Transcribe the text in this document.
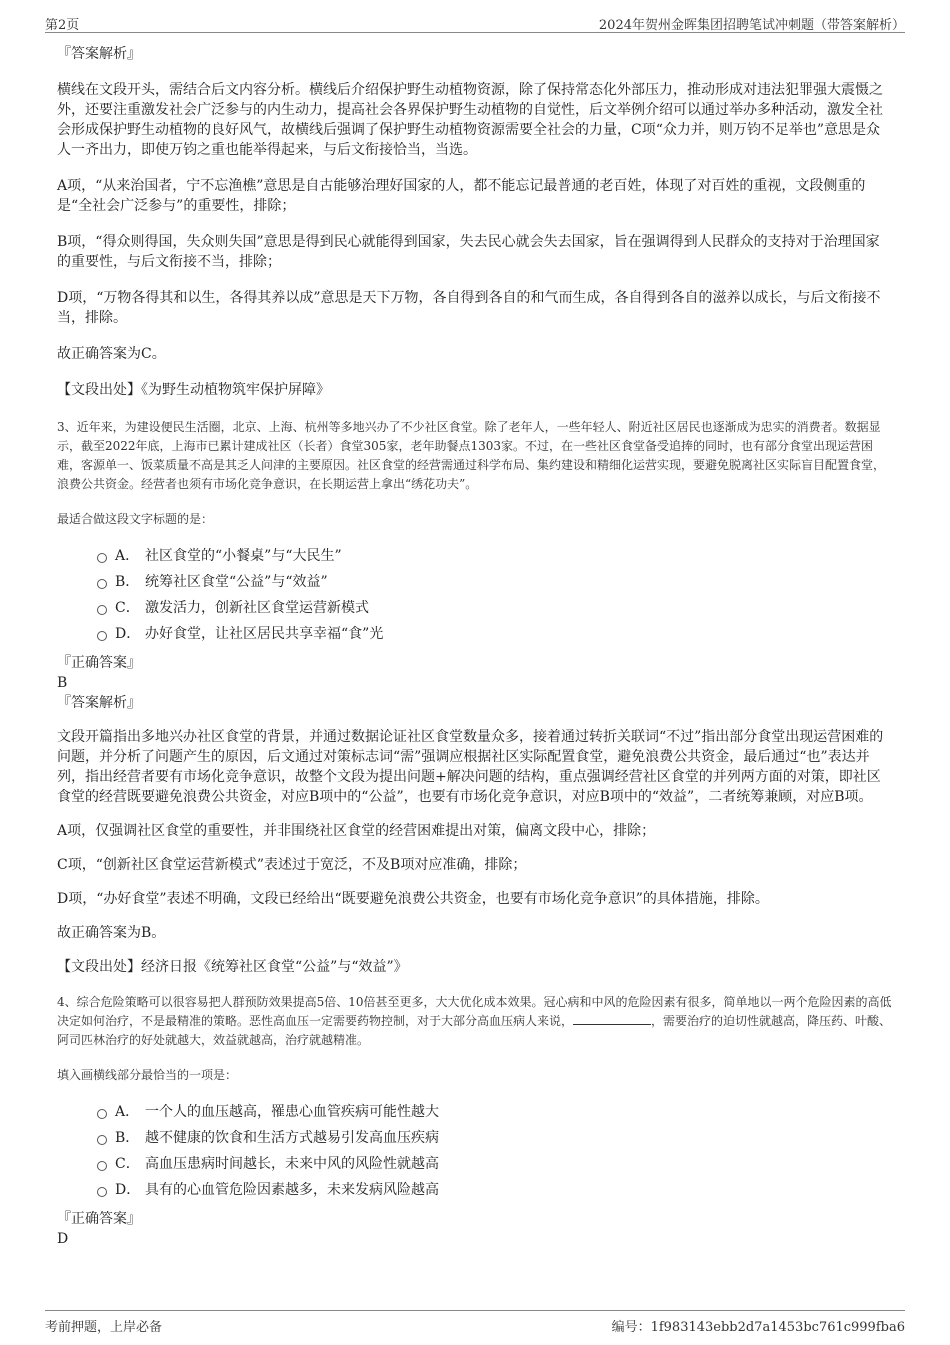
第2页	2024年贺州金晖集团招聘笔试冲刺题（带答案解析）

『答案解析』

横线在文段开头，需结合后文内容分析。横线后介绍保护野生动植物资源，除了保持常态化外部压力，推动形成对违法犯罪强大震慑之外，还要注重激发社会广泛参与的内生动力，提高社会各界保护野生动植物的自觉性，后文举例介绍可以通过举办多种活动，激发全社会形成保护野生动植物的良好风气，故横线后强调了保护野生动植物资源需要全社会的力量，C项“众力并，则万钧不足举也”意思是众人一齐出力，即使万钧之重也能举得起来，与后文衔接恰当，当选。

A项，“从来治国者，宁不忘渔樵”意思是自古能够治理好国家的人，都不能忘记最普通的老百姓，体现了对百姓的重视，文段侧重的是“全社会广泛参与”的重要性，排除；

B项，“得众则得国，失众则失国”意思是得到民心就能得到国家，失去民心就会失去国家，旨在强调得到人民群众的支持对于治理国家的重要性，与后文衔接不当，排除；

D项，“万物各得其和以生，各得其养以成”意思是天下万物，各自得到各自的和气而生成，各自得到各自的滋养以成长，与后文衔接不当，排除。

故正确答案为C。

【文段出处】《为野生动植物筑牢保护屏障》

3、近年来，为建设便民生活圈，北京、上海、杭州等多地兴办了不少社区食堂。除了老年人，一些年轻人、附近社区居民也逐渐成为忠实的消费者。数据显示，截至2022年底，上海市已累计建成社区（长者）食堂305家，老年助餐点1303家。不过，在一些社区食堂备受追捧的同时，也有部分食堂出现运营困难，客源单一、饭菜质量不高是其乏人问津的主要原因。社区食堂的经营需通过科学布局、集约建设和精细化运营实现，要避免脱离社区实际盲目配置食堂，浪费公共资金。经营者也须有市场化竞争意识，在长期运营上拿出“绣花功夫”。

最适合做这段文字标题的是：

A． 社区食堂的“小餐桌”与“大民生”
B． 统筹社区食堂“公益”与“效益”
C． 激发活力，创新社区食堂运营新模式
D． 办好食堂，让社区居民共享幸福“食”光

『正确答案』

B

『答案解析』

文段开篇指出多地兴办社区食堂的背景，并通过数据论证社区食堂数量众多，接着通过转折关联词“不过”指出部分食堂出现运营困难的问题，并分析了问题产生的原因，后文通过对策标志词“需”强调应根据社区实际配置食堂，避免浪费公共资金，最后通过“也”表达并列，指出经营者要有市场化竞争意识，故整个文段为提出问题+解决问题的结构，重点强调经营社区食堂的并列两方面的对策，即社区食堂的经营既要避免浪费公共资金，对应B项中的“公益”，也要有市场化竞争意识，对应B项中的“效益”，二者统筹兼顾，对应B项。

A项，仅强调社区食堂的重要性，并非围绕社区食堂的经营困难提出对策，偏离文段中心，排除；

C项，“创新社区食堂运营新模式”表述过于宽泛，不及B项对应准确，排除；

D项，“办好食堂”表述不明确，文段已经给出“既要避免浪费公共资金，也要有市场化竞争意识”的具体措施，排除。

故正确答案为B。

【文段出处】经济日报《统筹社区食堂“公益”与“效益”》

4、综合危险策略可以很容易把人群预防效果提高5倍、10倍甚至更多，大大优化成本效果。冠心病和中风的危险因素有很多，简单地以一两个危险因素的高低决定如何治疗，不是最精准的策略。恶性高血压一定需要药物控制，对于大部分高血压病人来说，	，需要治疗的迫切性就越高，降压药、叶酸、阿司匹林治疗的好处就越大，效益就越高，治疗就越精准。

填入画横线部分最恰当的一项是：

A． 一个人的血压越高，罹患心血管疾病可能性越大
B． 越不健康的饮食和生活方式越易引发高血压疾病
C． 高血压患病时间越长，未来中风的风险性就越高
D． 具有的心血管危险因素越多，未来发病风险越高

『正确答案』

D

考前押题，上岸必备	编号：1f983143ebb2d7a1453bc761c999fba6
